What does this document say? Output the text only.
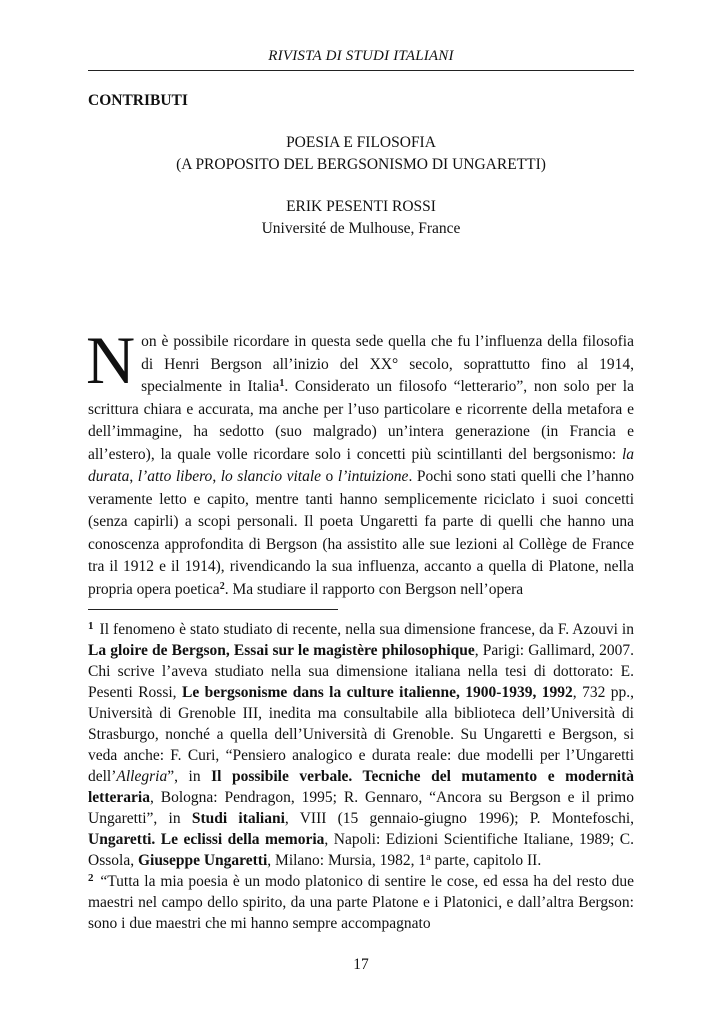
RIVISTA DI STUDI ITALIANI
CONTRIBUTI
POESIA E FILOSOFIA
(A PROPOSITO DEL BERGSONISMO DI UNGARETTI)
ERIK PESENTI ROSSI
Université de Mulhouse, France

Non è possibile ricordare in questa sede quella che fu l’influenza della filosofia di Henri Bergson all’inizio del XX° secolo, soprattutto fino al 1914, specialmente in Italia$^1$. Considerato un filosofo “letterario”, non solo per la scrittura chiara e accurata, ma anche per l’uso particolare e ricorrente della metafora e dell’immagine, ha sedotto (suo malgrado) un’intera generazione (in Francia e all’estero), la quale volle ricordare solo i concetti più scintillanti del bergsonismo: la durata, l’atto libero, lo slancio vitale o l’intuizione. Pochi sono stati quelli che l’hanno veramente letto e capito, mentre tanti hanno semplicemente riciclato i suoi concetti (senza capirli) a scopi personali. Il poeta Ungaretti fa parte di quelli che hanno una conoscenza approfondita di Bergson (ha assistito alle sue lezioni al Collège de France tra il 1912 e il 1914), rivendicando la sua influenza, accanto a quella di Platone, nella propria opera poetica$^2$. Ma studiare il rapporto con Bergson nell’opera

$^1$ Il fenomeno è stato studiato di recente, nella sua dimensione francese, da F. Azouvi in La gloire de Bergson, Essai sur le magistère philosophique, Parigi: Gallimard, 2007. Chi scrive l’aveva studiato nella sua dimensione italiana nella tesi di dottorato: E. Pesenti Rossi, Le bergsonisme dans la culture italienne, 1900-1939, 1992, 732 pp., Università di Grenoble III, inedita ma consultabile alla biblioteca dell’Università di Strasburgo, nonché a quella dell’Università di Grenoble. Su Ungaretti e Bergson, si veda anche: F. Curi, “Pensiero analogico e durata reale: due modelli per l’Ungaretti dell’Allegria”, in Il possibile verbale. Tecniche del mutamento e modernità letteraria, Bologna: Pendragon, 1995; R. Gennaro, “Ancora su Bergson e il primo Ungaretti”, in Studi italiani, VIII (15 gennaio-giugno 1996); P. Montefoschi, Ungaretti. Le eclissi della memoria, Napoli: Edizioni Scientifiche Italiane, 1989; C. Ossola, Giuseppe Ungaretti, Milano: Mursia, 1982, 1$^a$ parte, capitolo II.

$^2$ “Tutta la mia poesia è un modo platonico di sentire le cose, ed essa ha del resto due maestri nel campo dello spirito, da una parte Platone e i Platonici, e dall’altra Bergson: sono i due maestri che mi hanno sempre accompagnato

17
